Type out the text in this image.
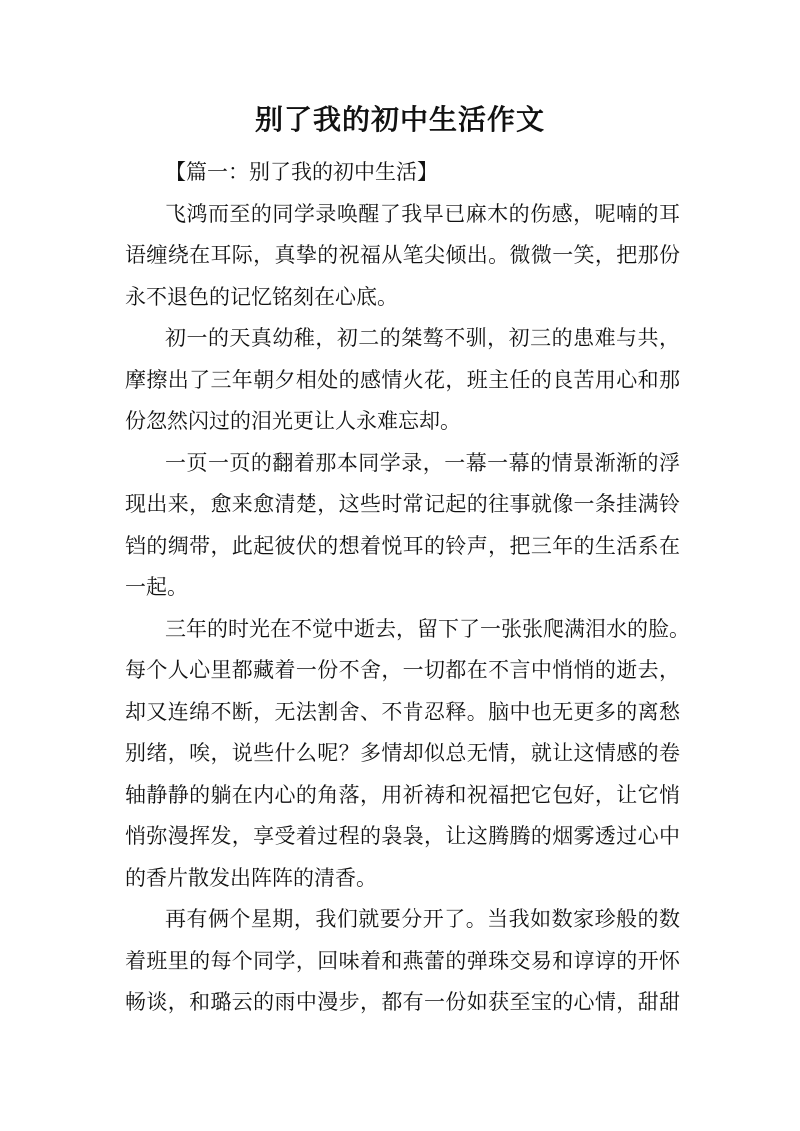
别了我的初中生活作文
【篇一：别了我的初中生活】
飞鸿而至的同学录唤醒了我早已麻木的伤感，呢喃的耳
语缠绕在耳际，真挚的祝福从笔尖倾出。微微一笑，把那份
永不退色的记忆铭刻在心底。
初一的天真幼稚，初二的桀骜不驯，初三的患难与共，
摩擦出了三年朝夕相处的感情火花，班主任的良苦用心和那
份忽然闪过的泪光更让人永难忘却。
一页一页的翻着那本同学录，一幕一幕的情景渐渐的浮
现出来，愈来愈清楚，这些时常记起的往事就像一条挂满铃
铛的绸带，此起彼伏的想着悦耳的铃声，把三年的生活系在
一起。
三年的时光在不觉中逝去，留下了一张张爬满泪水的脸。
每个人心里都藏着一份不舍，一切都在不言中悄悄的逝去，
却又连绵不断，无法割舍、不肯忍释。脑中也无更多的离愁
别绪，唉，说些什么呢？多情却似总无情，就让这情感的卷
轴静静的躺在内心的角落，用祈祷和祝福把它包好，让它悄
悄弥漫挥发，享受着过程的袅袅，让这腾腾的烟雾透过心中
的香片散发出阵阵的清香。
再有俩个星期，我们就要分开了。当我如数家珍般的数
着班里的每个同学，回味着和燕蕾的弹珠交易和谆谆的开怀
畅谈，和璐云的雨中漫步，都有一份如获至宝的心情，甜甜
